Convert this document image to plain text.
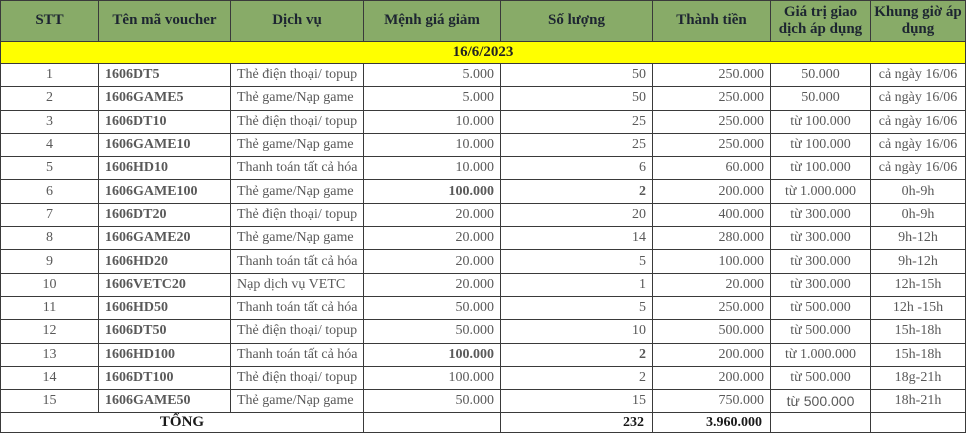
STT	Tên mã voucher	Dịch vụ	Mệnh giá giảm	Số lượng	Thành tiền	Giá trị giao dịch áp dụng	Khung giờ áp dụng
16/6/2023							
1	1606DT5	Thẻ điện thoại/ topup	5.000	50	250.000	50.000	cả ngày 16/06
2	1606GAME5	Thẻ game/Nạp game	5.000	50	250.000	50.000	cả ngày 16/06
3	1606DT10	Thẻ điện thoại/ topup	10.000	25	250.000	từ 100.000	cả ngày 16/06
4	1606GAME10	Thẻ game/Nạp game	10.000	25	250.000	từ 100.000	cả ngày 16/06
5	1606HD10	Thanh toán tất cả hóa	10.000	6	60.000	từ 100.000	cả ngày 16/06
6	1606GAME100	Thẻ game/Nạp game	100.000	2	200.000	từ 1.000.000	0h-9h
7	1606DT20	Thẻ điện thoại/ topup	20.000	20	400.000	từ 300.000	0h-9h
8	1606GAME20	Thẻ game/Nạp game	20.000	14	280.000	từ 300.000	9h-12h
9	1606HD20	Thanh toán tất cả hóa	20.000	5	100.000	từ 300.000	9h-12h
10	1606VETC20	Nạp dịch vụ VETC	20.000	1	20.000	từ 300.000	12h-15h
11	1606HD50	Thanh toán tất cả hóa	50.000	5	250.000	từ 500.000	12h -15h
12	1606DT50	Thẻ điện thoại/ topup	50.000	10	500.000	từ 500.000	15h-18h
13	1606HD100	Thanh toán tất cả hóa	100.000	2	200.000	từ 1.000.000	15h-18h
14	1606DT100	Thẻ điện thoại/ topup	100.000	2	200.000	từ 500.000	18g-21h
15	1606GAME50	Thẻ game/Nạp game	50.000	15	750.000	từ 500.000	18h-21h
TỔNG				232	3.960.000		
